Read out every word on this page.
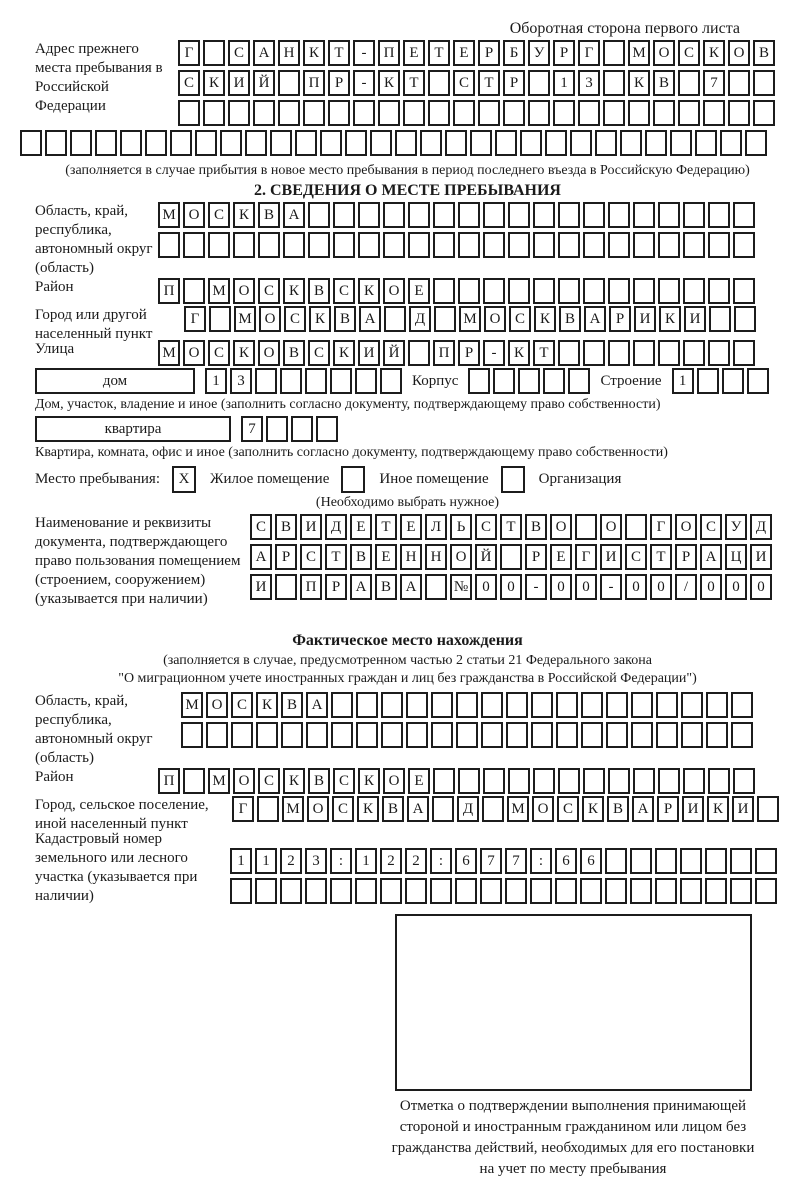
Оборотная сторона первого листа
Адрес прежнего места пребывания в Российской Федерации
Г	С А Н К	Т	-	П Е	Т	Е	Р	Б	У	Р	Г	М О С К О В
С К И Й	П	Р	-	К	Т	С	Т	Р	1	3	К В	7
(заполняется в случае прибытия в новое место пребывания в период последнего въезда в Российскую Федерацию)
2. СВЕДЕНИЯ О МЕСТЕ ПРЕБЫВАНИЯ
Область, край, республика, автономный округ (область)
М О С К В А
Район	П	М О С К В С К О Е
Город или другой населенный пункт
Г	М О С К В А	Д	М О С К В А	Р	И К И
Улица	М О С К О В С К И Й	П	Р	-	К	Т
дом	1	3	Корпус	Строение	1
Дом, участок, владение и иное (заполнить согласно документу, подтверждающему право собственности)
квартира	7
Квартира, комната, офис и иное (заполнить согласно документу, подтверждающему право собственности)
Место пребывания:	X	Жилое помещение	Иное помещение	Организация
(Необходимо выбрать нужное)
Наименование и реквизиты документа, подтверждающего право пользования помещением (строением, сооружением) (указывается при наличии)
С В И Д	Е	Т	Е	Л	Ь	С	Т	В О	О	Г	О С У Д
А	Р	С	Т	В	Е	Н Н О Й	Р	Е	Г	И С	Т	Р	А Ц И
И	П	Р	А В А	№ 0	0	-	0	0	-	0	0	/	0	0	0
Фактическое место нахождения
(заполняется в случае, предусмотренном частью 2 статьи 21 Федерального закона
"О миграционном учете иностранных граждан и лиц без гражданства в Российской Федерации")
Область, край, республика, автономный округ (область)
М О С К В А
Район	П	М О С К В С К О Е
Город, сельское поселение, иной населенный пункт
Г	М О С К В А	Д	М О С К В А	Р	И К И
Кадастровый номер земельного или лесного участка (указывается при наличии)
1	1	2	3	:	1	2	2	:	6	7	7	:	6	6
Отметка о подтверждении выполнения принимающей стороной и иностранным гражданином или лицом без гражданства действий, необходимых для его постановки на учет по месту пребывания
